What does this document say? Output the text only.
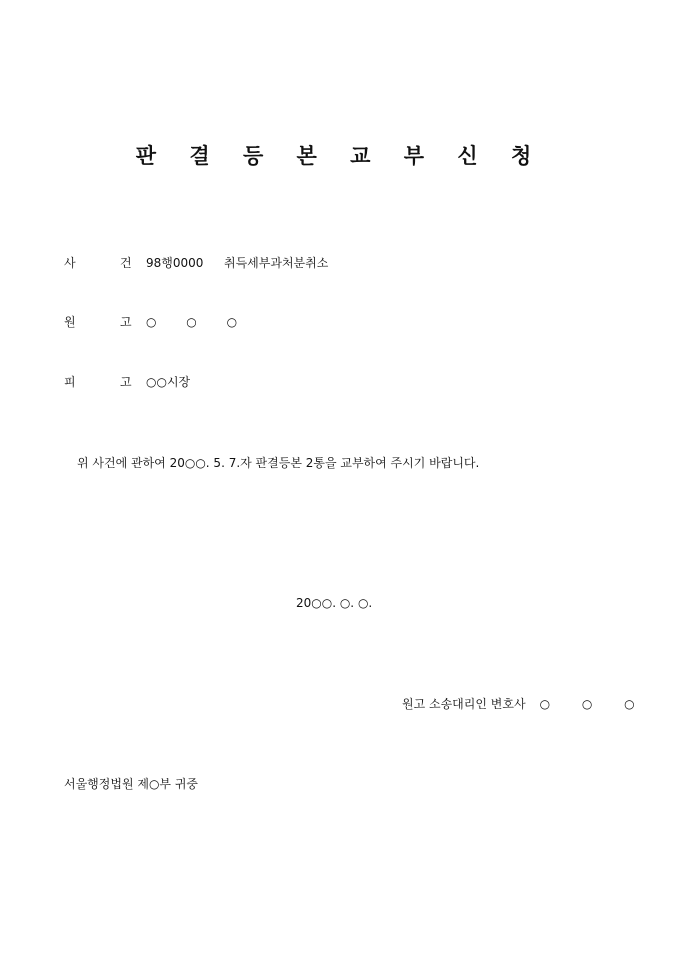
판 결 등 본 교 부 신 청
사	건 98행0000 취득세부과처분취소
원	고 ○ ○ ○
피	고 ○○시장
위 사건에 관하여 20○○. 5. 7.자 판결등본 2통을 교부하여 주시기 바랍니다.
20○○. ○. ○.
원고 소송대리인 변호사 ○ ○ ○
서울행정법원 제○부 귀중
